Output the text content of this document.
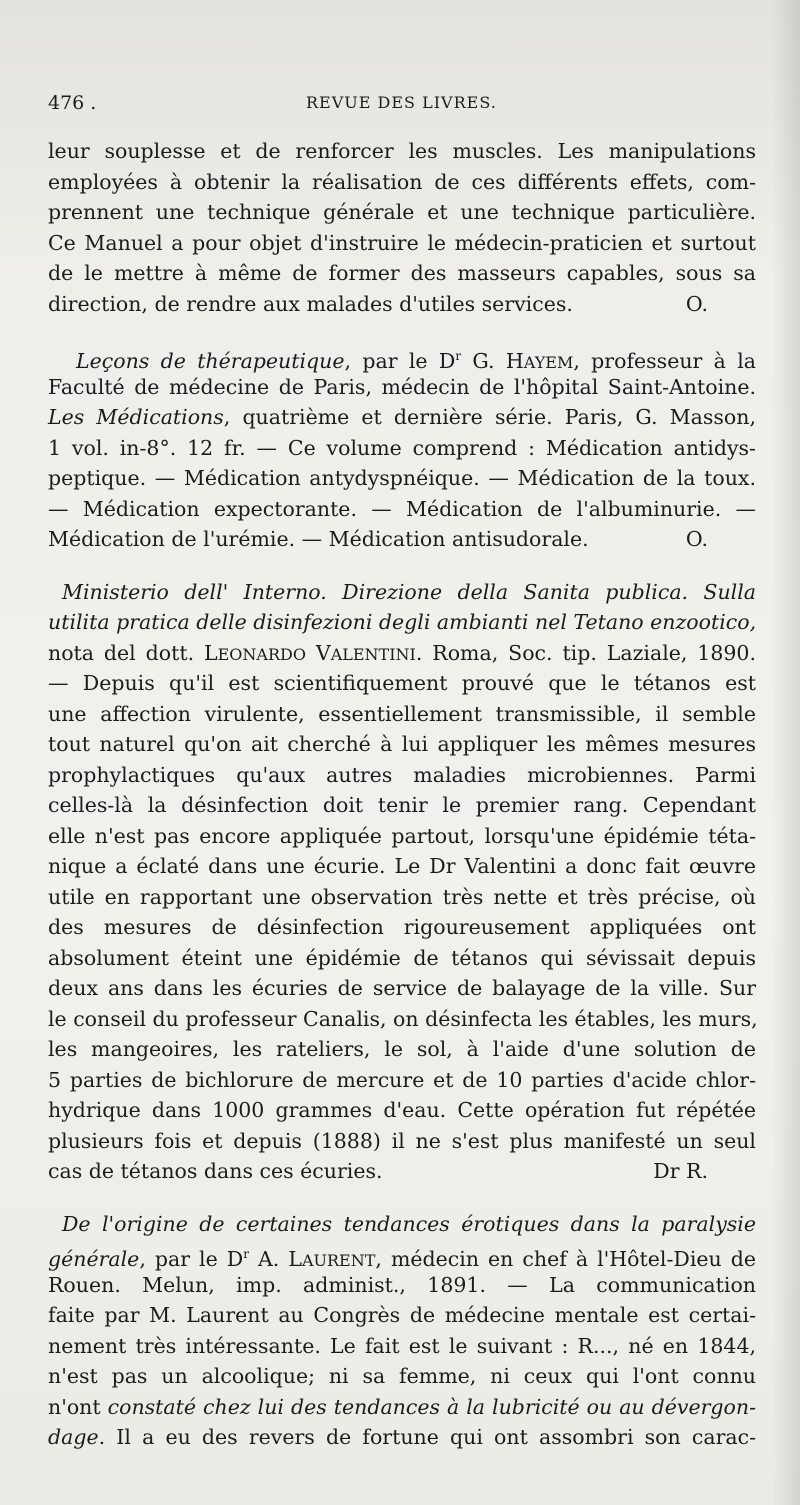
476 .	REVUE DES LIVRES.
leur souplesse et de renforcer les muscles. Les manipulations
employées à obtenir la réalisation de ces différents effets, com-
prennent une technique générale et une technique particulière.
Ce Manuel a pour objet d'instruire le médecin-praticien et surtout
de le mettre à même de former des masseurs capables, sous sa
direction, de rendre aux malades d'utiles services.	O.
Leçons de thérapeutique, par le $D^r$ G. HAYEM, professeur à la
Faculté de médecine de Paris, médecin de l'hôpital Saint-Antoine.
Les Médications, quatrième et dernière série. Paris, G. Masson,
1 vol. in-8°. 12 fr. — Ce volume comprend : Médication antidys-
peptique. — Médication antydyspnéique. — Médication de la toux.
— Médication expectorante. — Médication de l'albuminurie. —
Médication de l'urémie. — Médication antisudorale.	O.
Ministerio dell' Interno. Direzione della Sanita publica. Sulla
utilita pratica delle disinfezioni degli ambianti nel Tetano enzootico,
nota del dott. LEONARDO VALENTINI. Roma, Soc. tip. Laziale, 1890.
— Depuis qu'il est scientifiquement prouvé que le tétanos est
une affection virulente, essentiellement transmissible, il semble
tout naturel qu'on ait cherché à lui appliquer les mêmes mesures
prophylactiques qu'aux autres maladies microbiennes. Parmi
celles-là la désinfection doit tenir le premier rang. Cependant
elle n'est pas encore appliquée partout, lorsqu'une épidémie téta-
nique a éclaté dans une écurie. Le Dr Valentini a donc fait œuvre
utile en rapportant une observation très nette et très précise, où
des mesures de désinfection rigoureusement appliquées ont
absolument éteint une épidémie de tétanos qui sévissait depuis
deux ans dans les écuries de service de balayage de la ville. Sur
le conseil du professeur Canalis, on désinfecta les étables, les murs,
les mangeoires, les rateliers, le sol, à l'aide d'une solution de
5 parties de bichlorure de mercure et de 10 parties d'acide chlor-
hydrique dans 1000 grammes d'eau. Cette opération fut répétée
plusieurs fois et depuis (1888) il ne s'est plus manifesté un seul
cas de tétanos dans ces écuries.	Dr R.
De l'origine de certaines tendances érotiques dans la paralysie
générale, par le $D^r$ A. LAURENT, médecin en chef à l'Hôtel-Dieu de
Rouen. Melun, imp. administ., 1891. — La communication
faite par M. Laurent au Congrès de médecine mentale est certai-
nement très intéressante. Le fait est le suivant : R..., né en 1844,
n'est pas un alcoolique; ni sa femme, ni ceux qui l'ont connu
n'ont constaté chez lui des tendances à la lubricité ou au dévergon-
dage. Il a eu des revers de fortune qui ont assombri son carac-
